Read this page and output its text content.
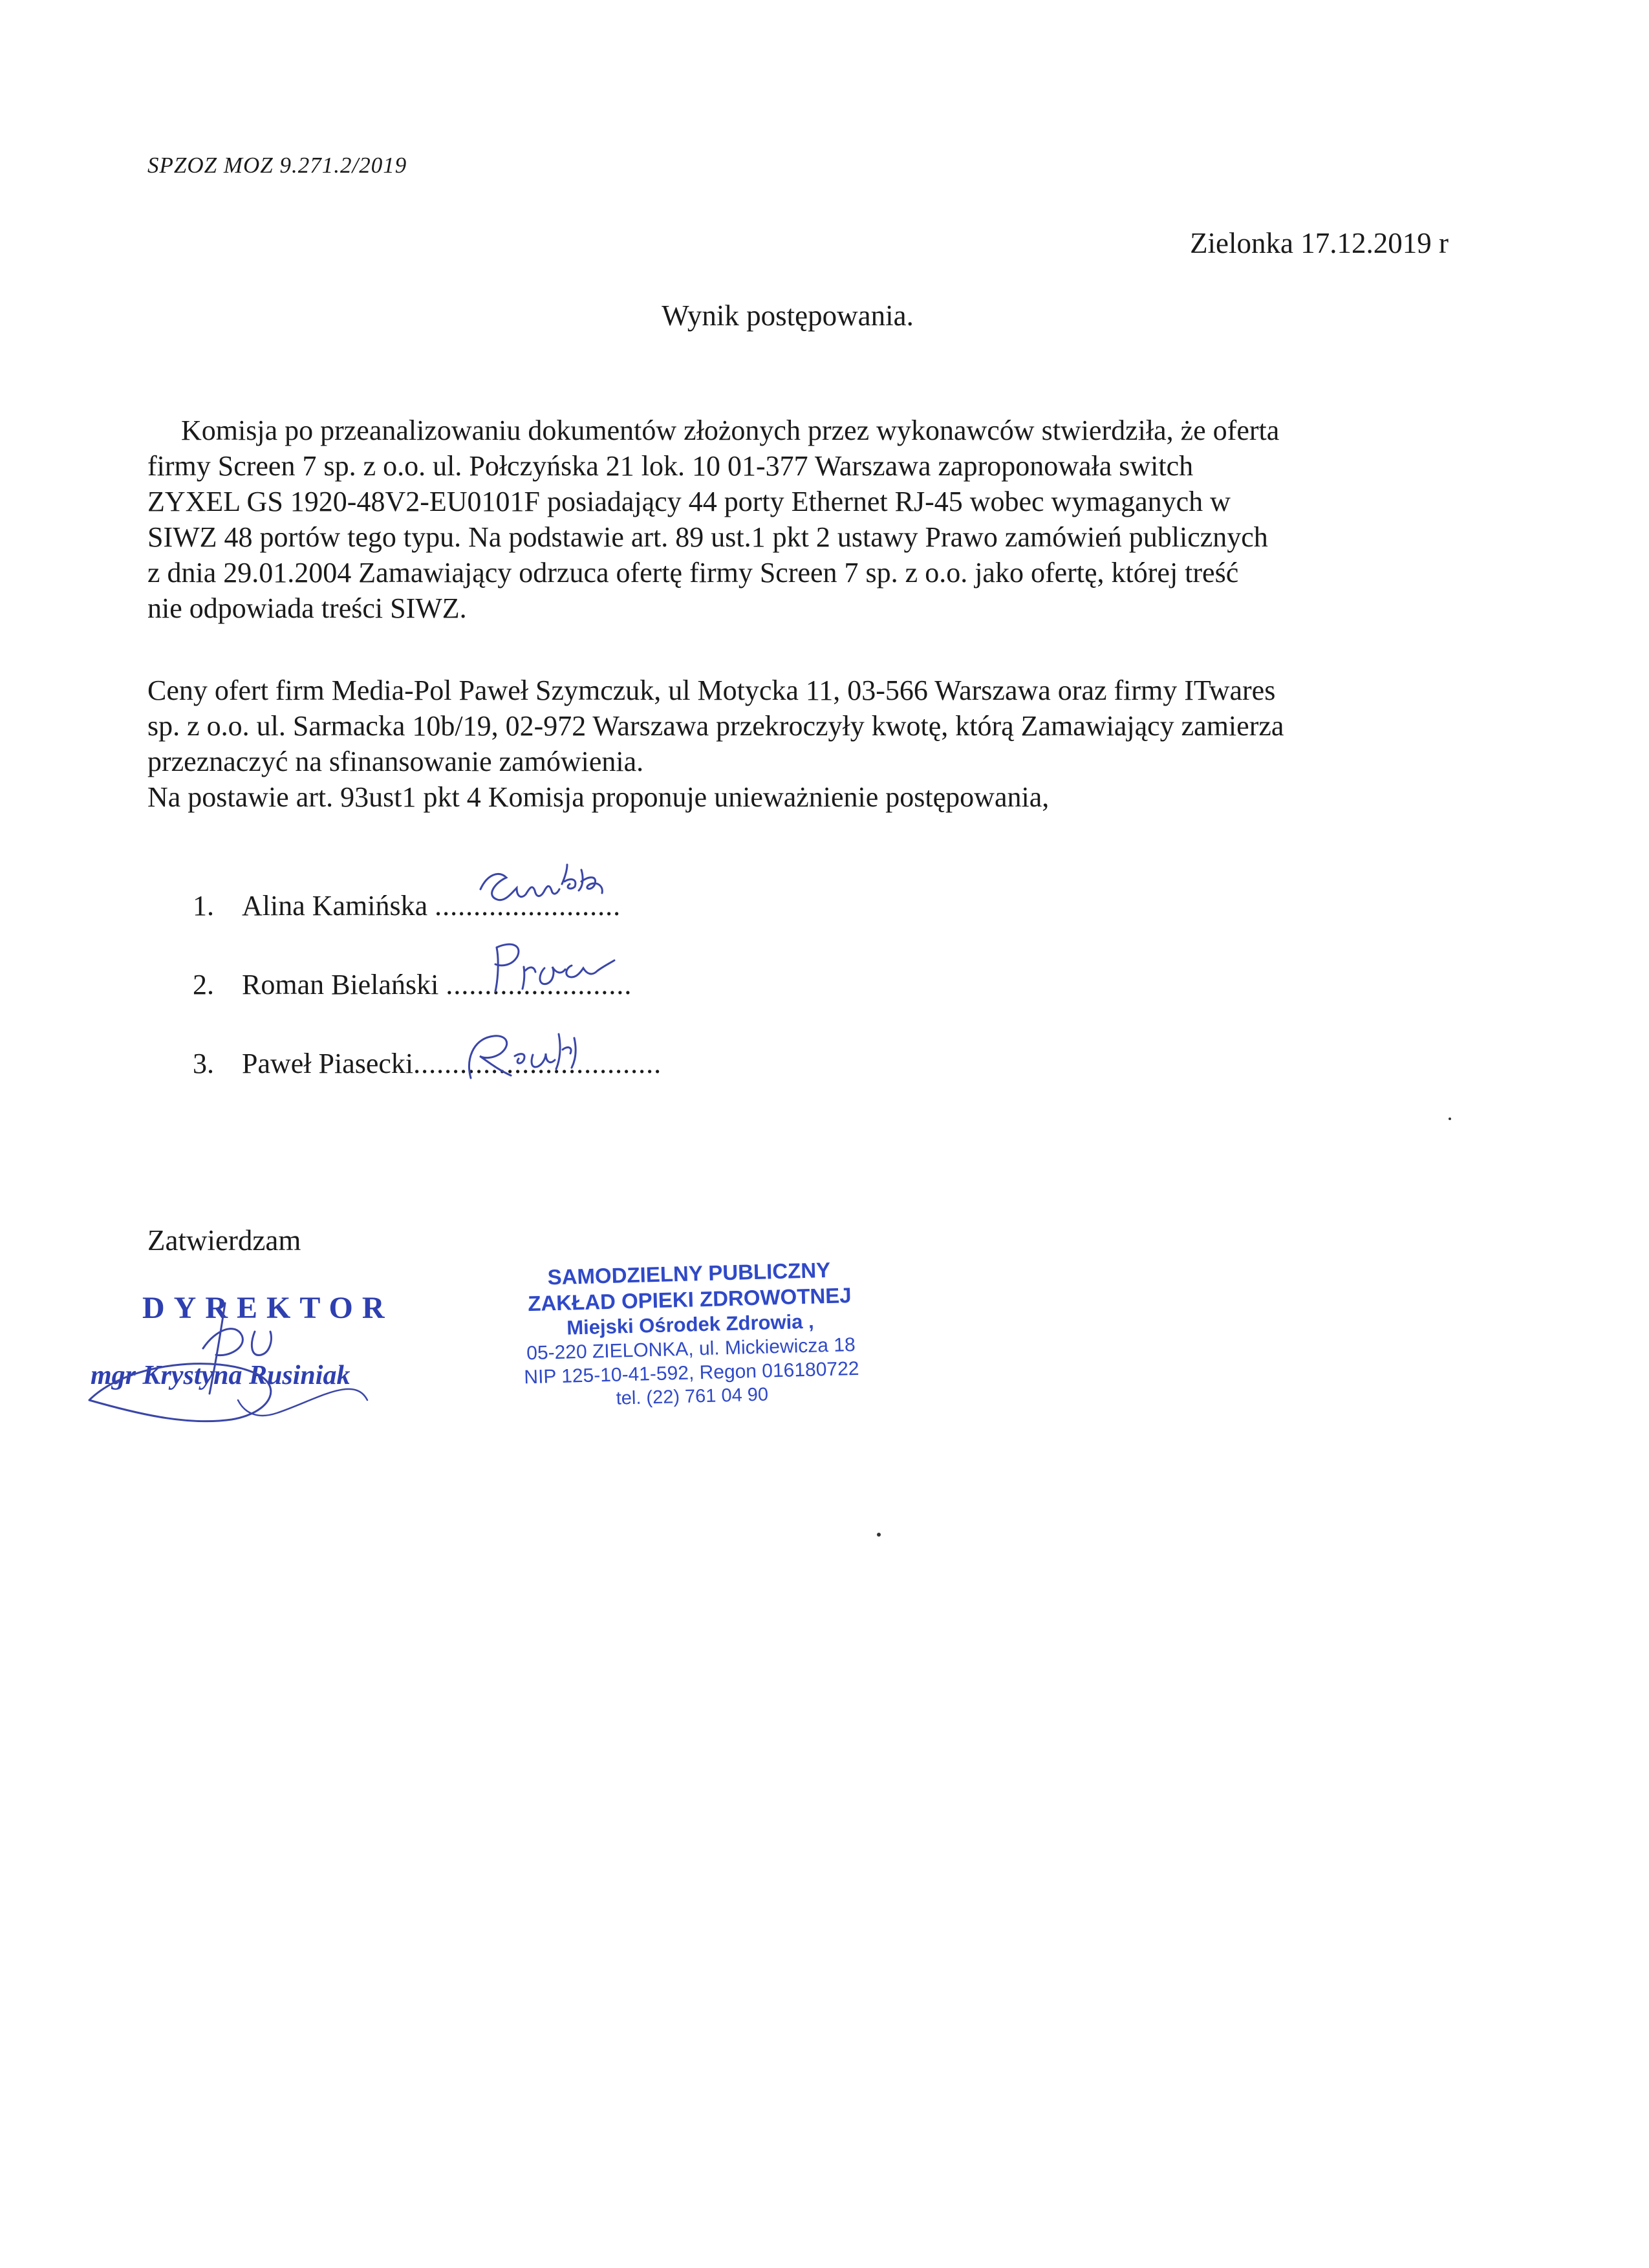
SPZOZ MOZ 9.271.2/2019
Zielonka 17.12.2019 r
Wynik postępowania.
Komisja po przeanalizowaniu dokumentów złożonych przez wykonawców stwierdziła, że oferta
firmy Screen 7 sp. z o.o. ul. Połczyńska 21 lok. 10 01-377 Warszawa zaproponowała switch
ZYXEL GS 1920-48V2-EU0101F posiadający 44 porty Ethernet RJ-45 wobec wymaganych w
SIWZ 48 portów tego typu. Na podstawie art. 89 ust.1 pkt 2 ustawy Prawo zamówień publicznych
z dnia 29.01.2004 Zamawiający odrzuca ofertę firmy Screen 7 sp. z o.o. jako ofertę, której treść
nie odpowiada treści SIWZ.
Ceny ofert firm Media-Pol Paweł Szymczuk, ul Motycka 11, 03-566 Warszawa oraz firmy ITwares
sp. z o.o. ul. Sarmacka 10b/19, 02-972 Warszawa przekroczyły kwotę, którą Zamawiający zamierza
przeznaczyć na sfinansowanie zamówienia.
Na postawie art. 93ust1 pkt 4 Komisja proponuje unieważnienie postępowania,
1. Alina Kamińska ........................
2. Roman Bielański ........................
3. Paweł Piasecki................................
Zatwierdzam
DYREKTOR
mgr Krystyna Rusiniak
SAMODZIELNY PUBLICZNY
ZAKŁAD OPIEKI ZDROWOTNEJ
Miejski Ośrodek Zdrowia ,
05-220 ZIELONKA, ul. Mickiewicza 18
NIP 125-10-41-592, Regon 016180722
tel. (22) 761 04 90
